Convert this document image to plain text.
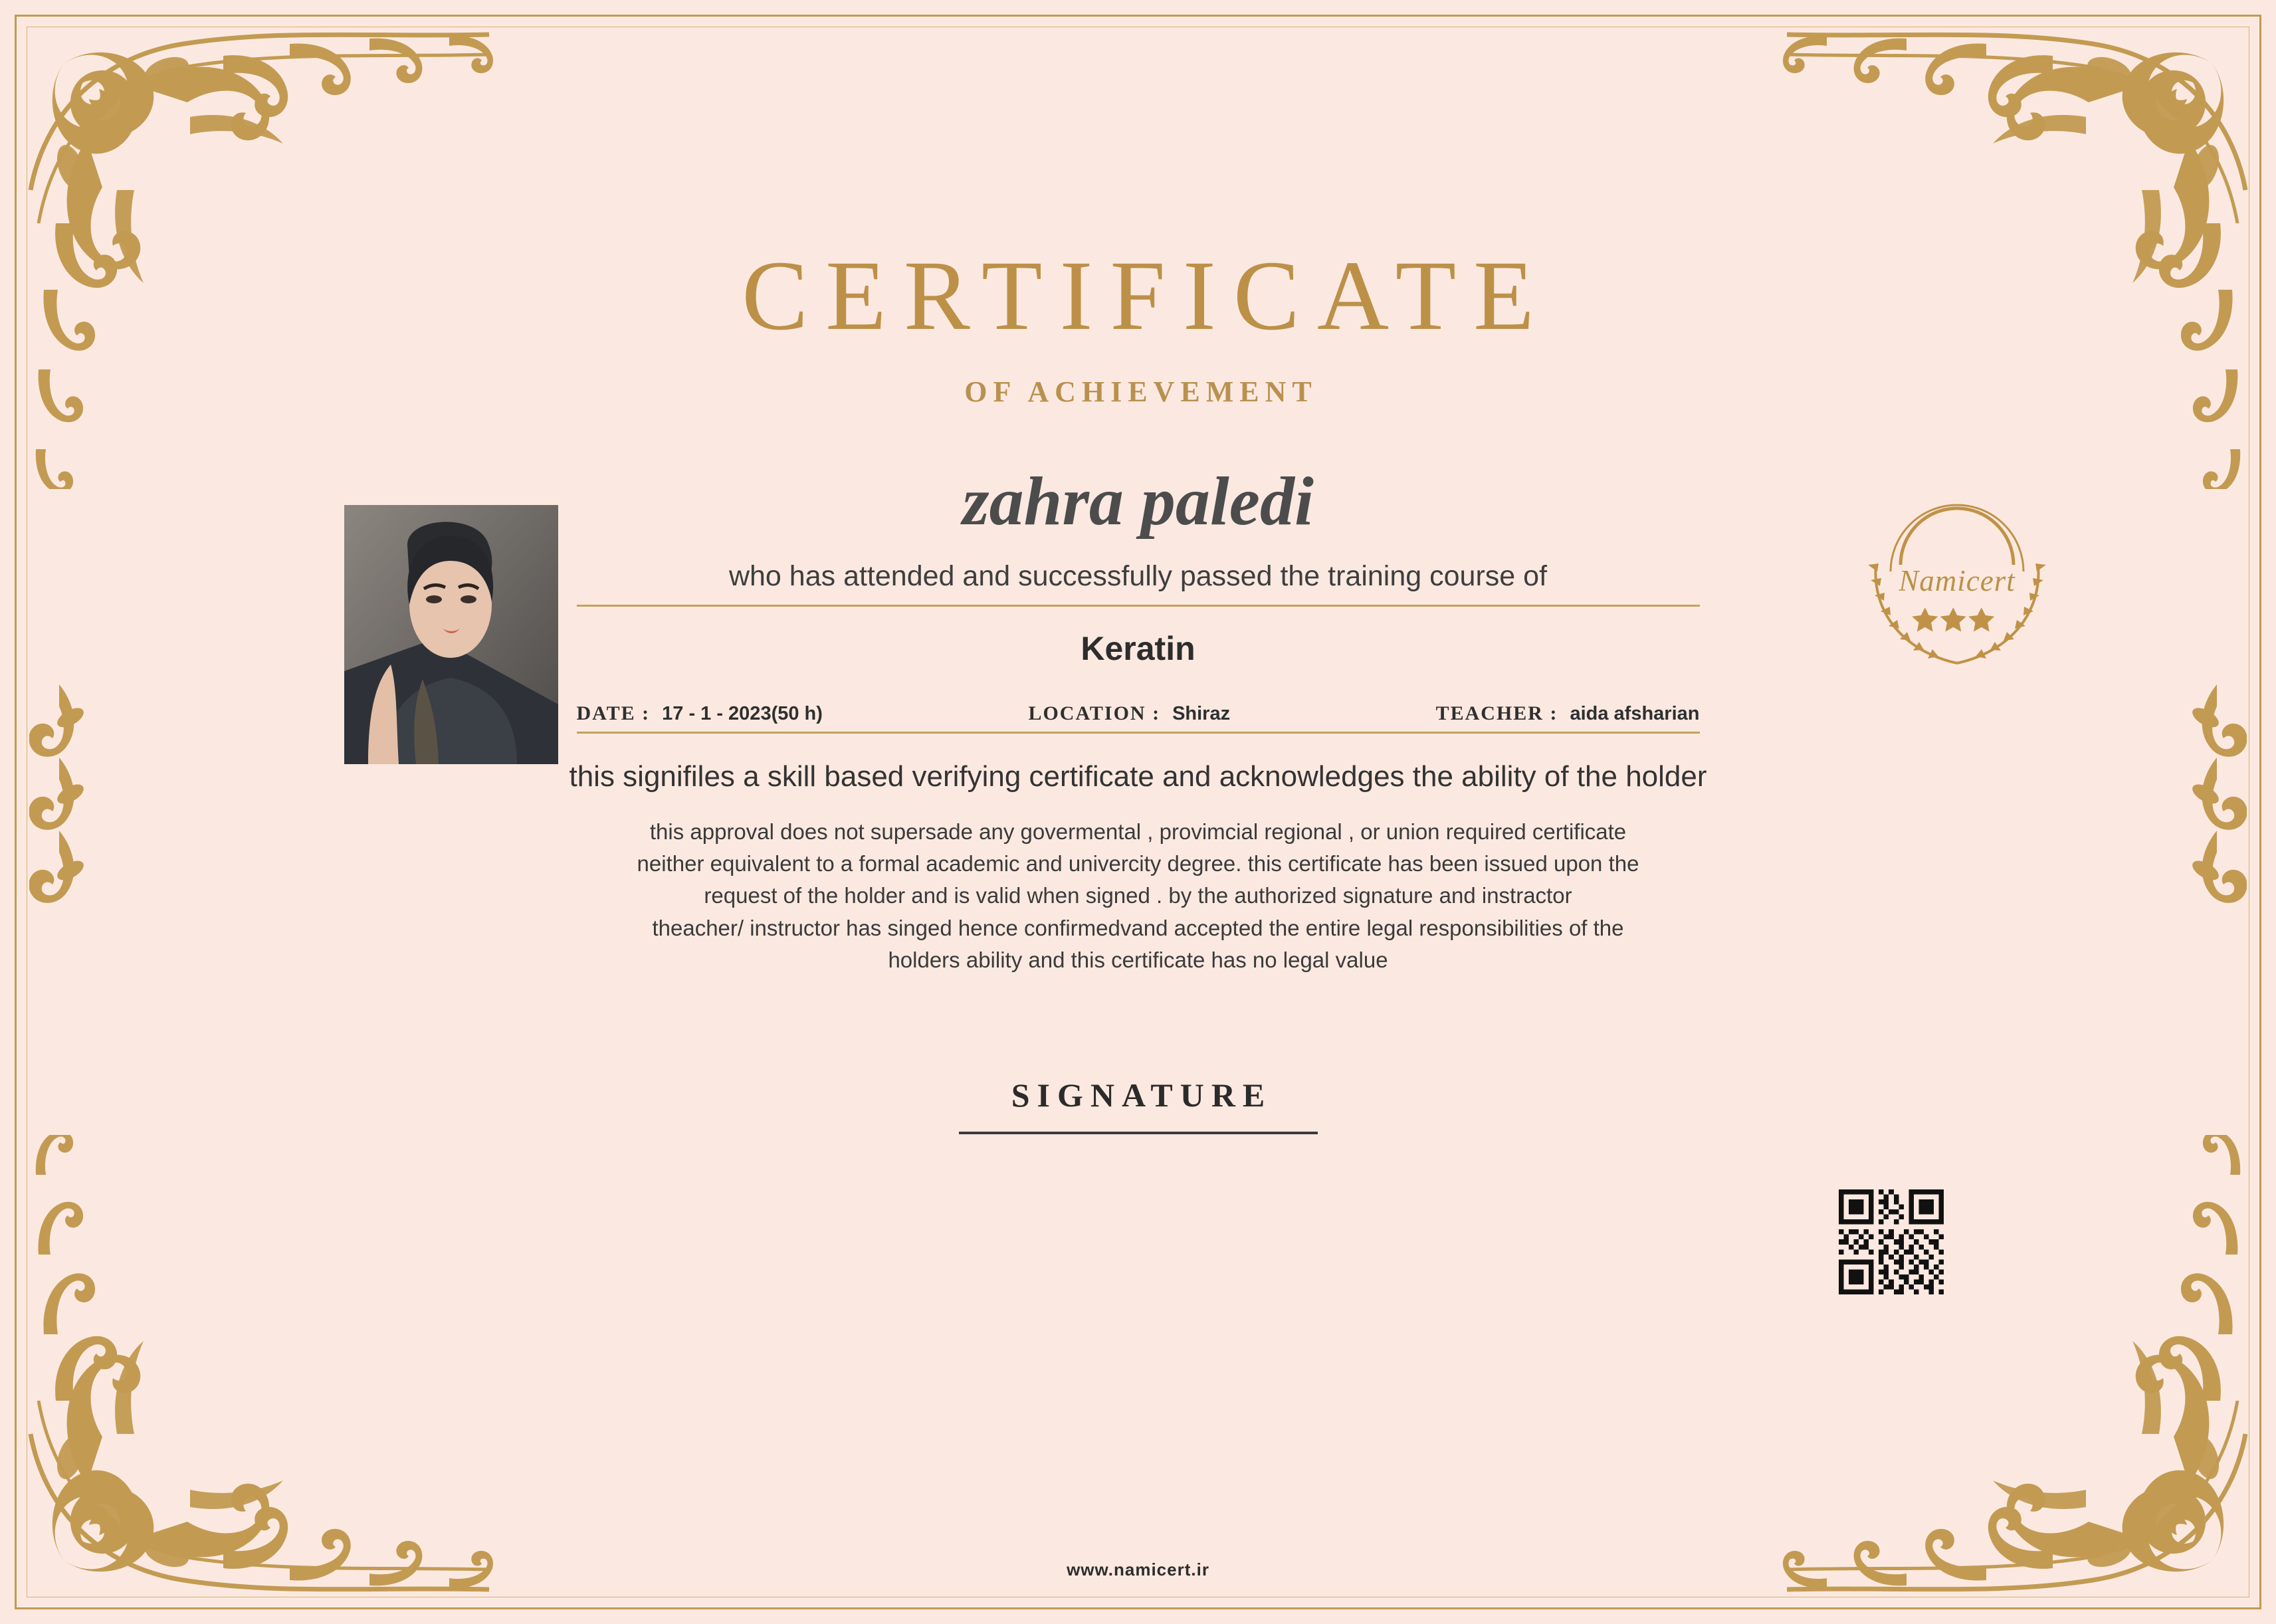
Namicert
CERTIFICATE
OF ACHIEVEMENT
zahra paledi
who has attended and successfully passed the training course of
Keratin
DATE : 17 - 1 - 2023(50 h)	LOCATION : Shiraz	TEACHER : aida afsharian
this signifiles a skill based verifying certificate and acknowledges the ability of the holder
this approval does not supersade any govermental , provimcial regional , or union required certificate
neither equivalent to a formal academic and univercity degree. this certificate has been issued upon the
request of the holder and is valid when signed . by the authorized signature and instractor
theacher/ instructor has singed hence confirmedvand accepted the entire legal responsibilities of the
holders ability and this certificate has no legal value
SIGNATURE
www.namicert.ir
